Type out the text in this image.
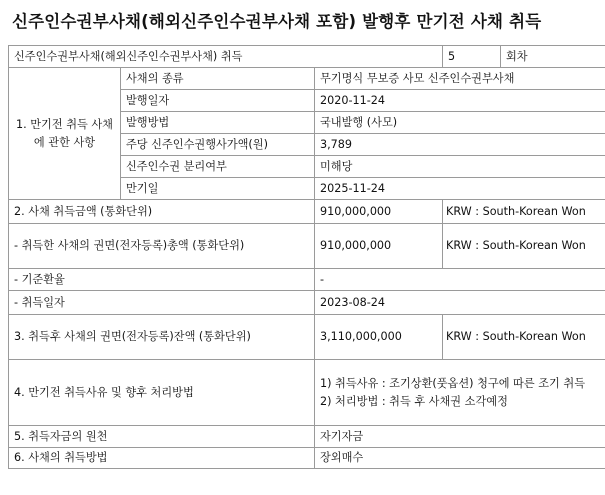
신주인수권부사채(해외신주인수권부사채 포함) 발행후 만기전 사채 취득
신주인수권부사채(해외신주인수권부사채) 취득			5	회차
1. 만기전 취득 사채에 관한 사항	사채의 종류	무기명식 무보증 사모 신주인수권부사채		
	발행일자	2020-11-24		
	발행방법	국내발행 (사모)		
	주당 신주인수권행사가액(원)	3,789		
	신주인수권 분리여부	미해당		
	만기일	2025-11-24		
2. 사채 취득금액 (통화단위)		910,000,000	KRW : South-Korean Won	
- 취득한 사채의 권면(전자등록)총액 (통화단위)		910,000,000	KRW : South-Korean Won	
- 기준환율		-		
- 취득일자		2023-08-24		
3. 취득후 사채의 권면(전자등록)잔액 (통화단위)		3,110,000,000	KRW : South-Korean Won	
4. 만기전 취득사유 및 향후 처리방법		1) 취득사유 : 조기상환(풋옵션) 청구에 따른 조기 취득
2) 처리방법 : 취득 후 사채권 소각예정		

5. 취득자금의 원천		자기자금		
6. 사채의 취득방법		장외매수		
